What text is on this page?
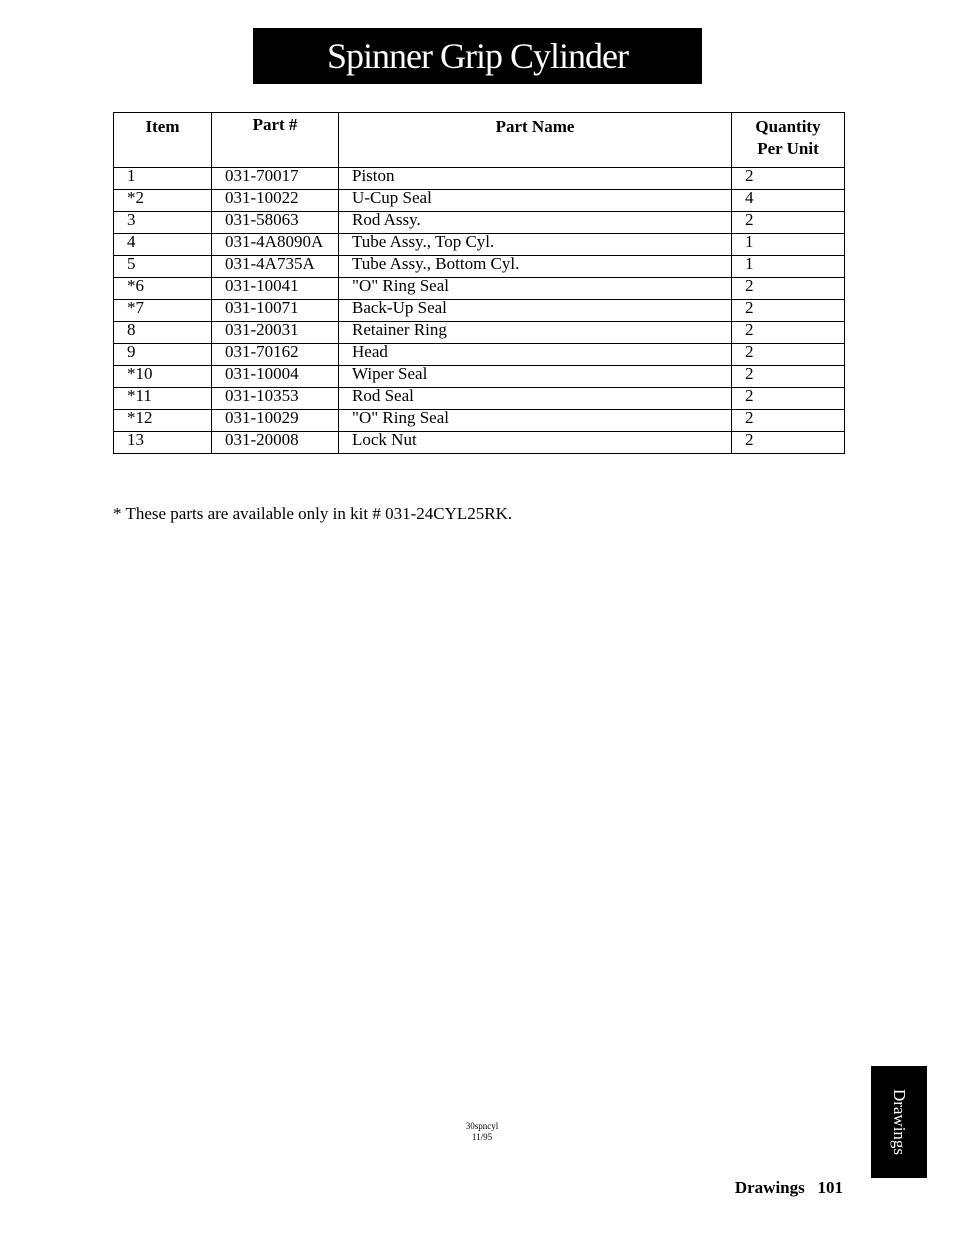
Spinner Grip Cylinder
Item	Part #	Part Name	Quantity
Per Unit

1	031-70017	Piston	2
*2	031-10022	U-Cup Seal	4
3	031-58063	Rod Assy.	2
4	031-4A8090A	Tube Assy., Top Cyl.	1
5	031-4A735A	Tube Assy., Bottom Cyl.	1
*6	031-10041	"O" Ring Seal	2
*7	031-10071	Back-Up Seal	2
8	031-20031	Retainer Ring	2
9	031-70162	Head	2
*10	031-10004	Wiper Seal	2
*11	031-10353	Rod Seal	2
*12	031-10029	"O" Ring Seal	2
13	031-20008	Lock Nut	2
* These parts are available only in kit # 031-24CYL25RK.
30spncyl
11/95	Drawings
Drawings 101
